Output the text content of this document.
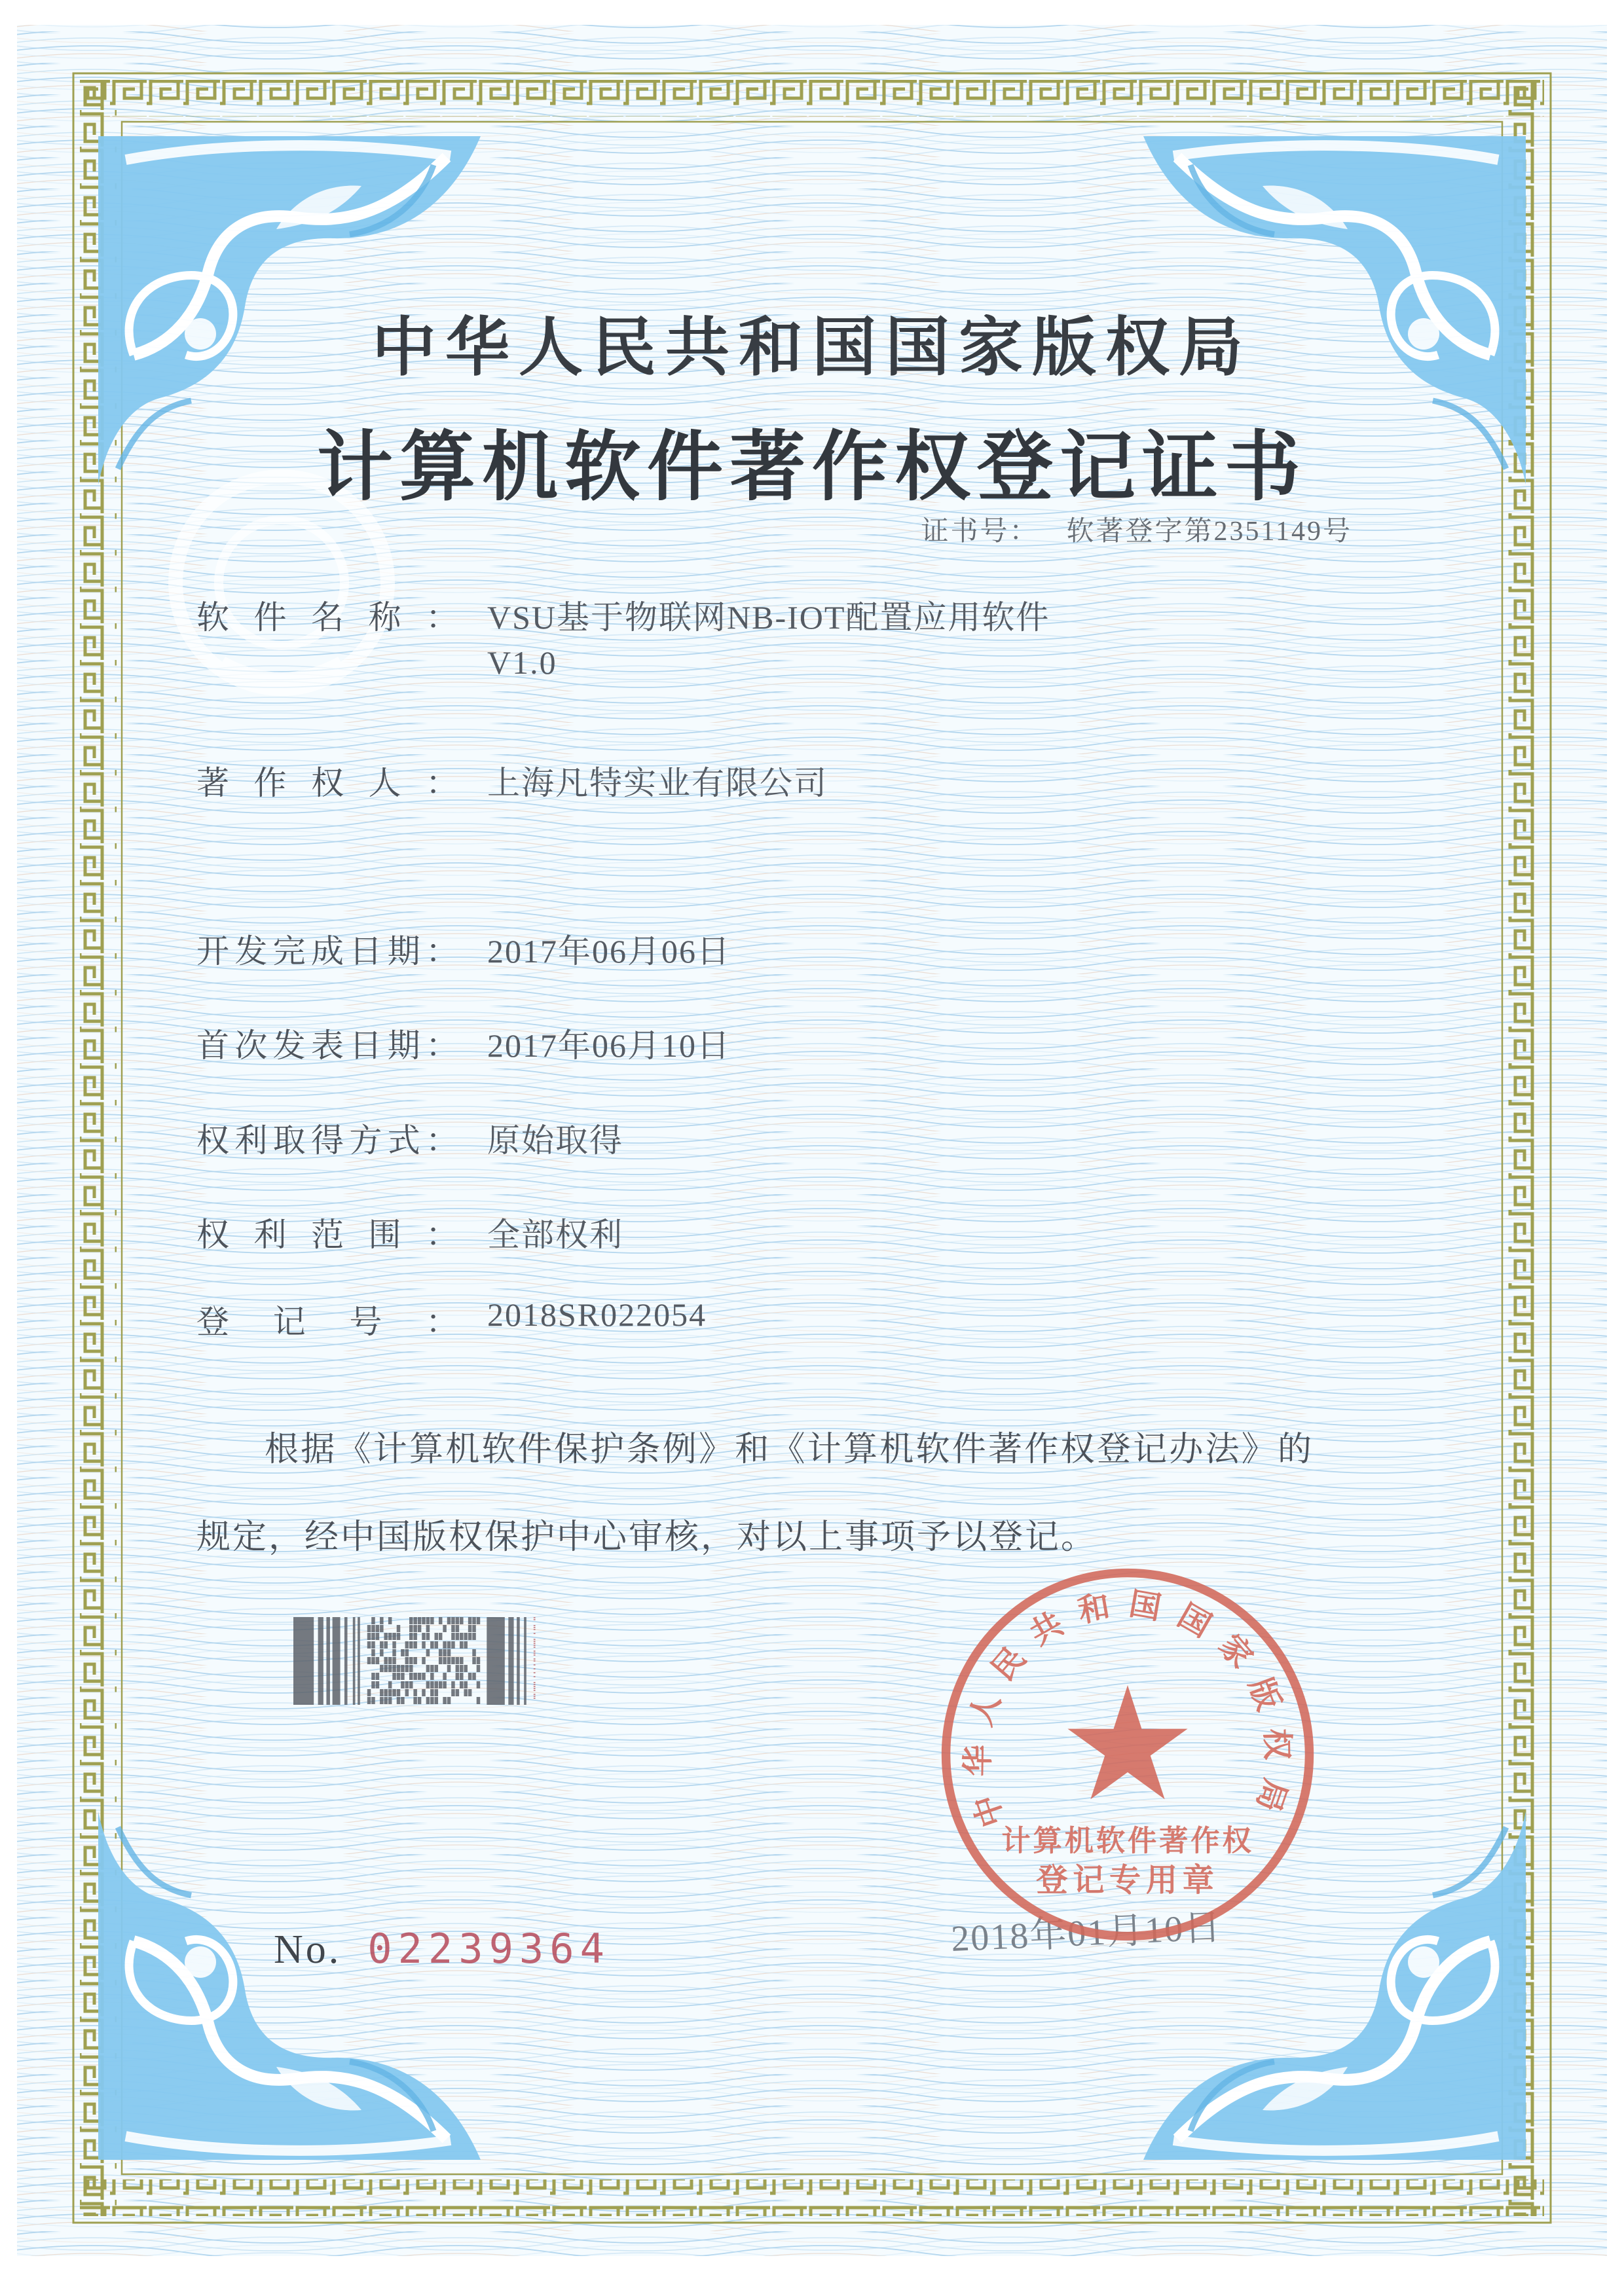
中华人民共和国国家版权局
计算机软件著作权登记证书
证书号： 软著登字第2351149号
软件名称： VSU基于物联网NB-IOT配置应用软件
V1.0
著作权人： 上海凡特实业有限公司
开发完成日期： 2017年06月06日
首次发表日期： 2017年06月10日
权利取得方式： 原始取得
权利范围： 全部权利
登记号： 2018SR022054
根据《计算机软件保护条例》和《计算机软件著作权登记办法》的规定，经中国版权保护中心审核，对以上事项予以登记。
2018年01月10日
中华人民共和国国家版权局
计算机软件著作权
登记专用章
No. 02239364
